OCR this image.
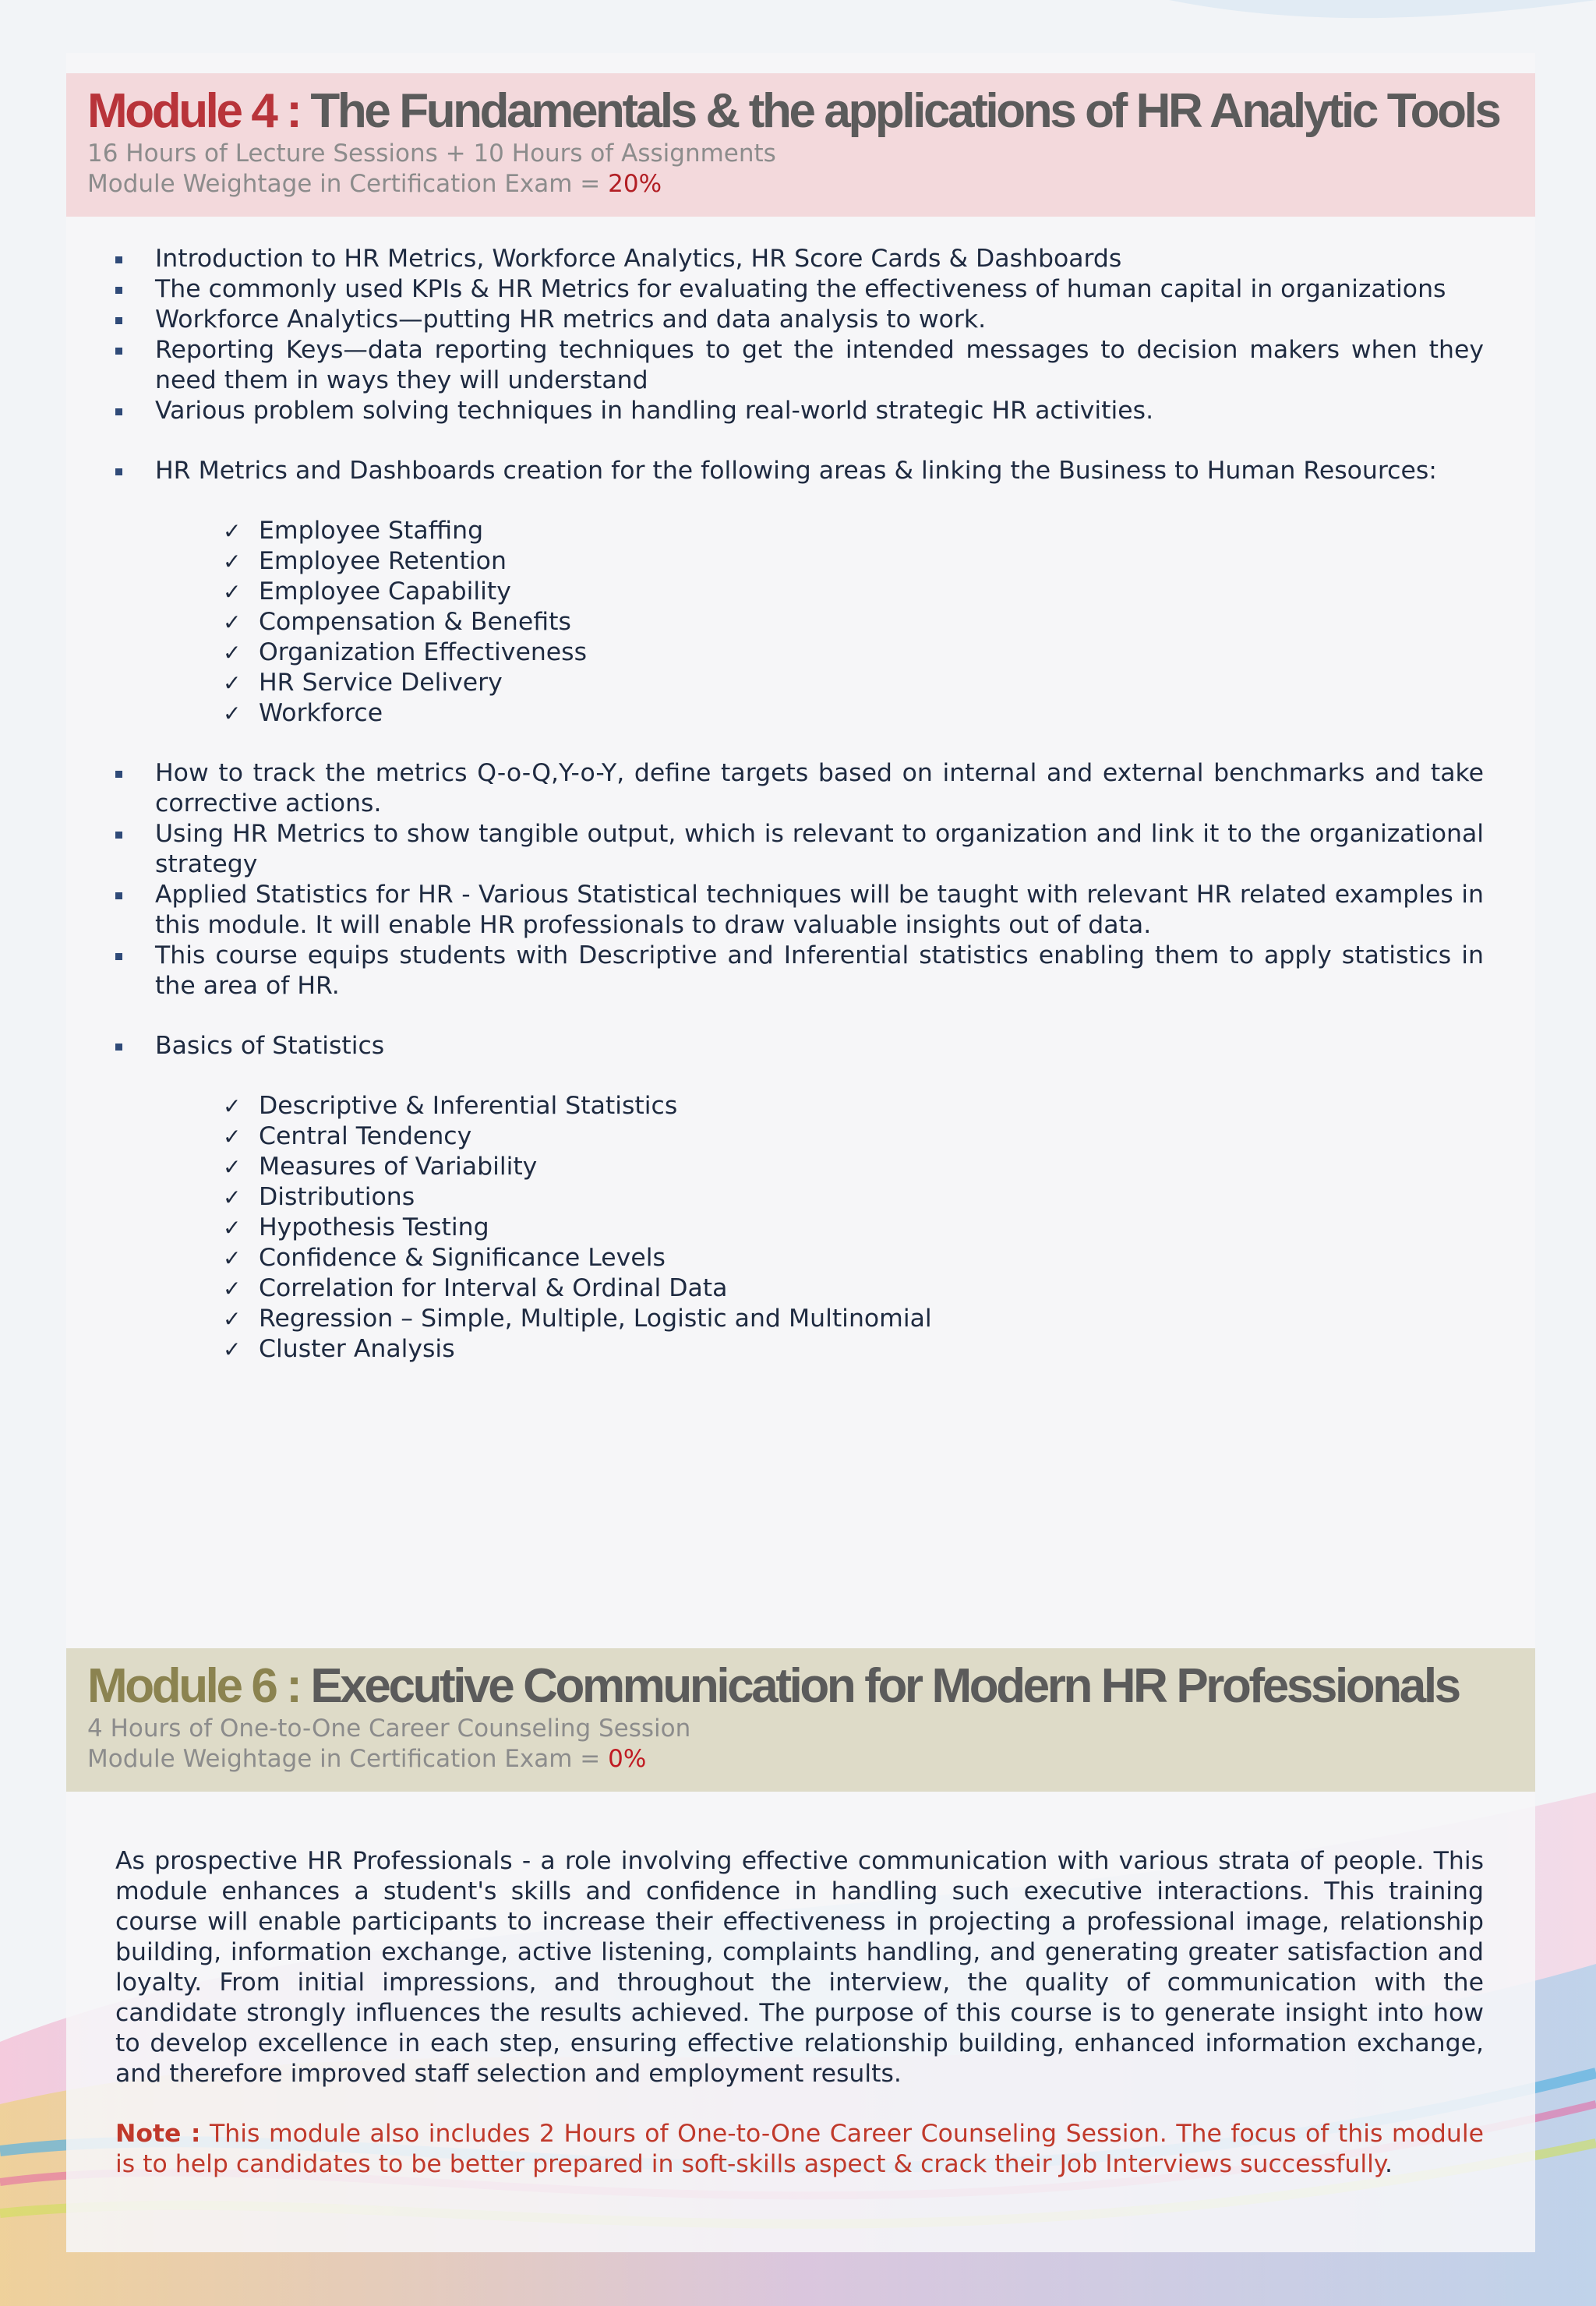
Module 4 : The Fundamentals & the applications of HR Analytic Tools
16 Hours of Lecture Sessions + 10 Hours of Assignments
Module Weightage in Certification Exam = 20%
Introduction to HR Metrics, Workforce Analytics, HR Score Cards & Dashboards
The commonly used KPIs & HR Metrics for evaluating the effectiveness of human capital in organizations
Workforce Analytics—putting HR metrics and data analysis to work.
Reporting Keys—data reporting techniques to get the intended messages to decision makers when they need them in ways they will understand
Various problem solving techniques in handling real-world strategic HR activities.
HR Metrics and Dashboards creation for the following areas & linking the Business to Human Resources:
✓ Employee Staffing
✓ Employee Retention
✓ Employee Capability
✓ Compensation & Benefits
✓ Organization Effectiveness
✓ HR Service Delivery
✓ Workforce
How to track the metrics Q-o-Q,Y-o-Y, define targets based on internal and external benchmarks and take corrective actions.
Using HR Metrics to show tangible output, which is relevant to organization and link it to the organizational strategy
Applied Statistics for HR - Various Statistical techniques will be taught with relevant HR related examples in this module. It will enable HR professionals to draw valuable insights out of data.
This course equips students with Descriptive and Inferential statistics enabling them to apply statistics in the area of HR.
Basics of Statistics
✓ Descriptive & Inferential Statistics
✓ Central Tendency
✓ Measures of Variability
✓ Distributions
✓ Hypothesis Testing
✓ Confidence & Significance Levels
✓ Correlation for Interval & Ordinal Data
✓ Regression – Simple, Multiple, Logistic and Multinomial
✓ Cluster Analysis
Module 6 : Executive Communication for Modern HR Professionals
4 Hours of One-to-One Career Counseling Session
Module Weightage in Certification Exam = 0%

As prospective HR Professionals - a role involving effective communication with various strata of people. This module enhances a student's skills and confidence in handling such executive interactions. This training course will enable participants to increase their effectiveness in projecting a professional image, relationship building, information exchange, active listening, complaints handling, and generating greater satisfaction and loyalty. From initial impressions, and throughout the interview, the quality of communication with the candidate strongly influences the results achieved. The purpose of this course is to generate insight into how to develop excellence in each step, ensuring effective relationship building, enhanced information exchange, and therefore improved staff selection and employment results.

Note : This module also includes 2 Hours of One-to-One Career Counseling Session. The focus of this module is to help candidates to be better prepared in soft-skills aspect & crack their Job Interviews successfully.
